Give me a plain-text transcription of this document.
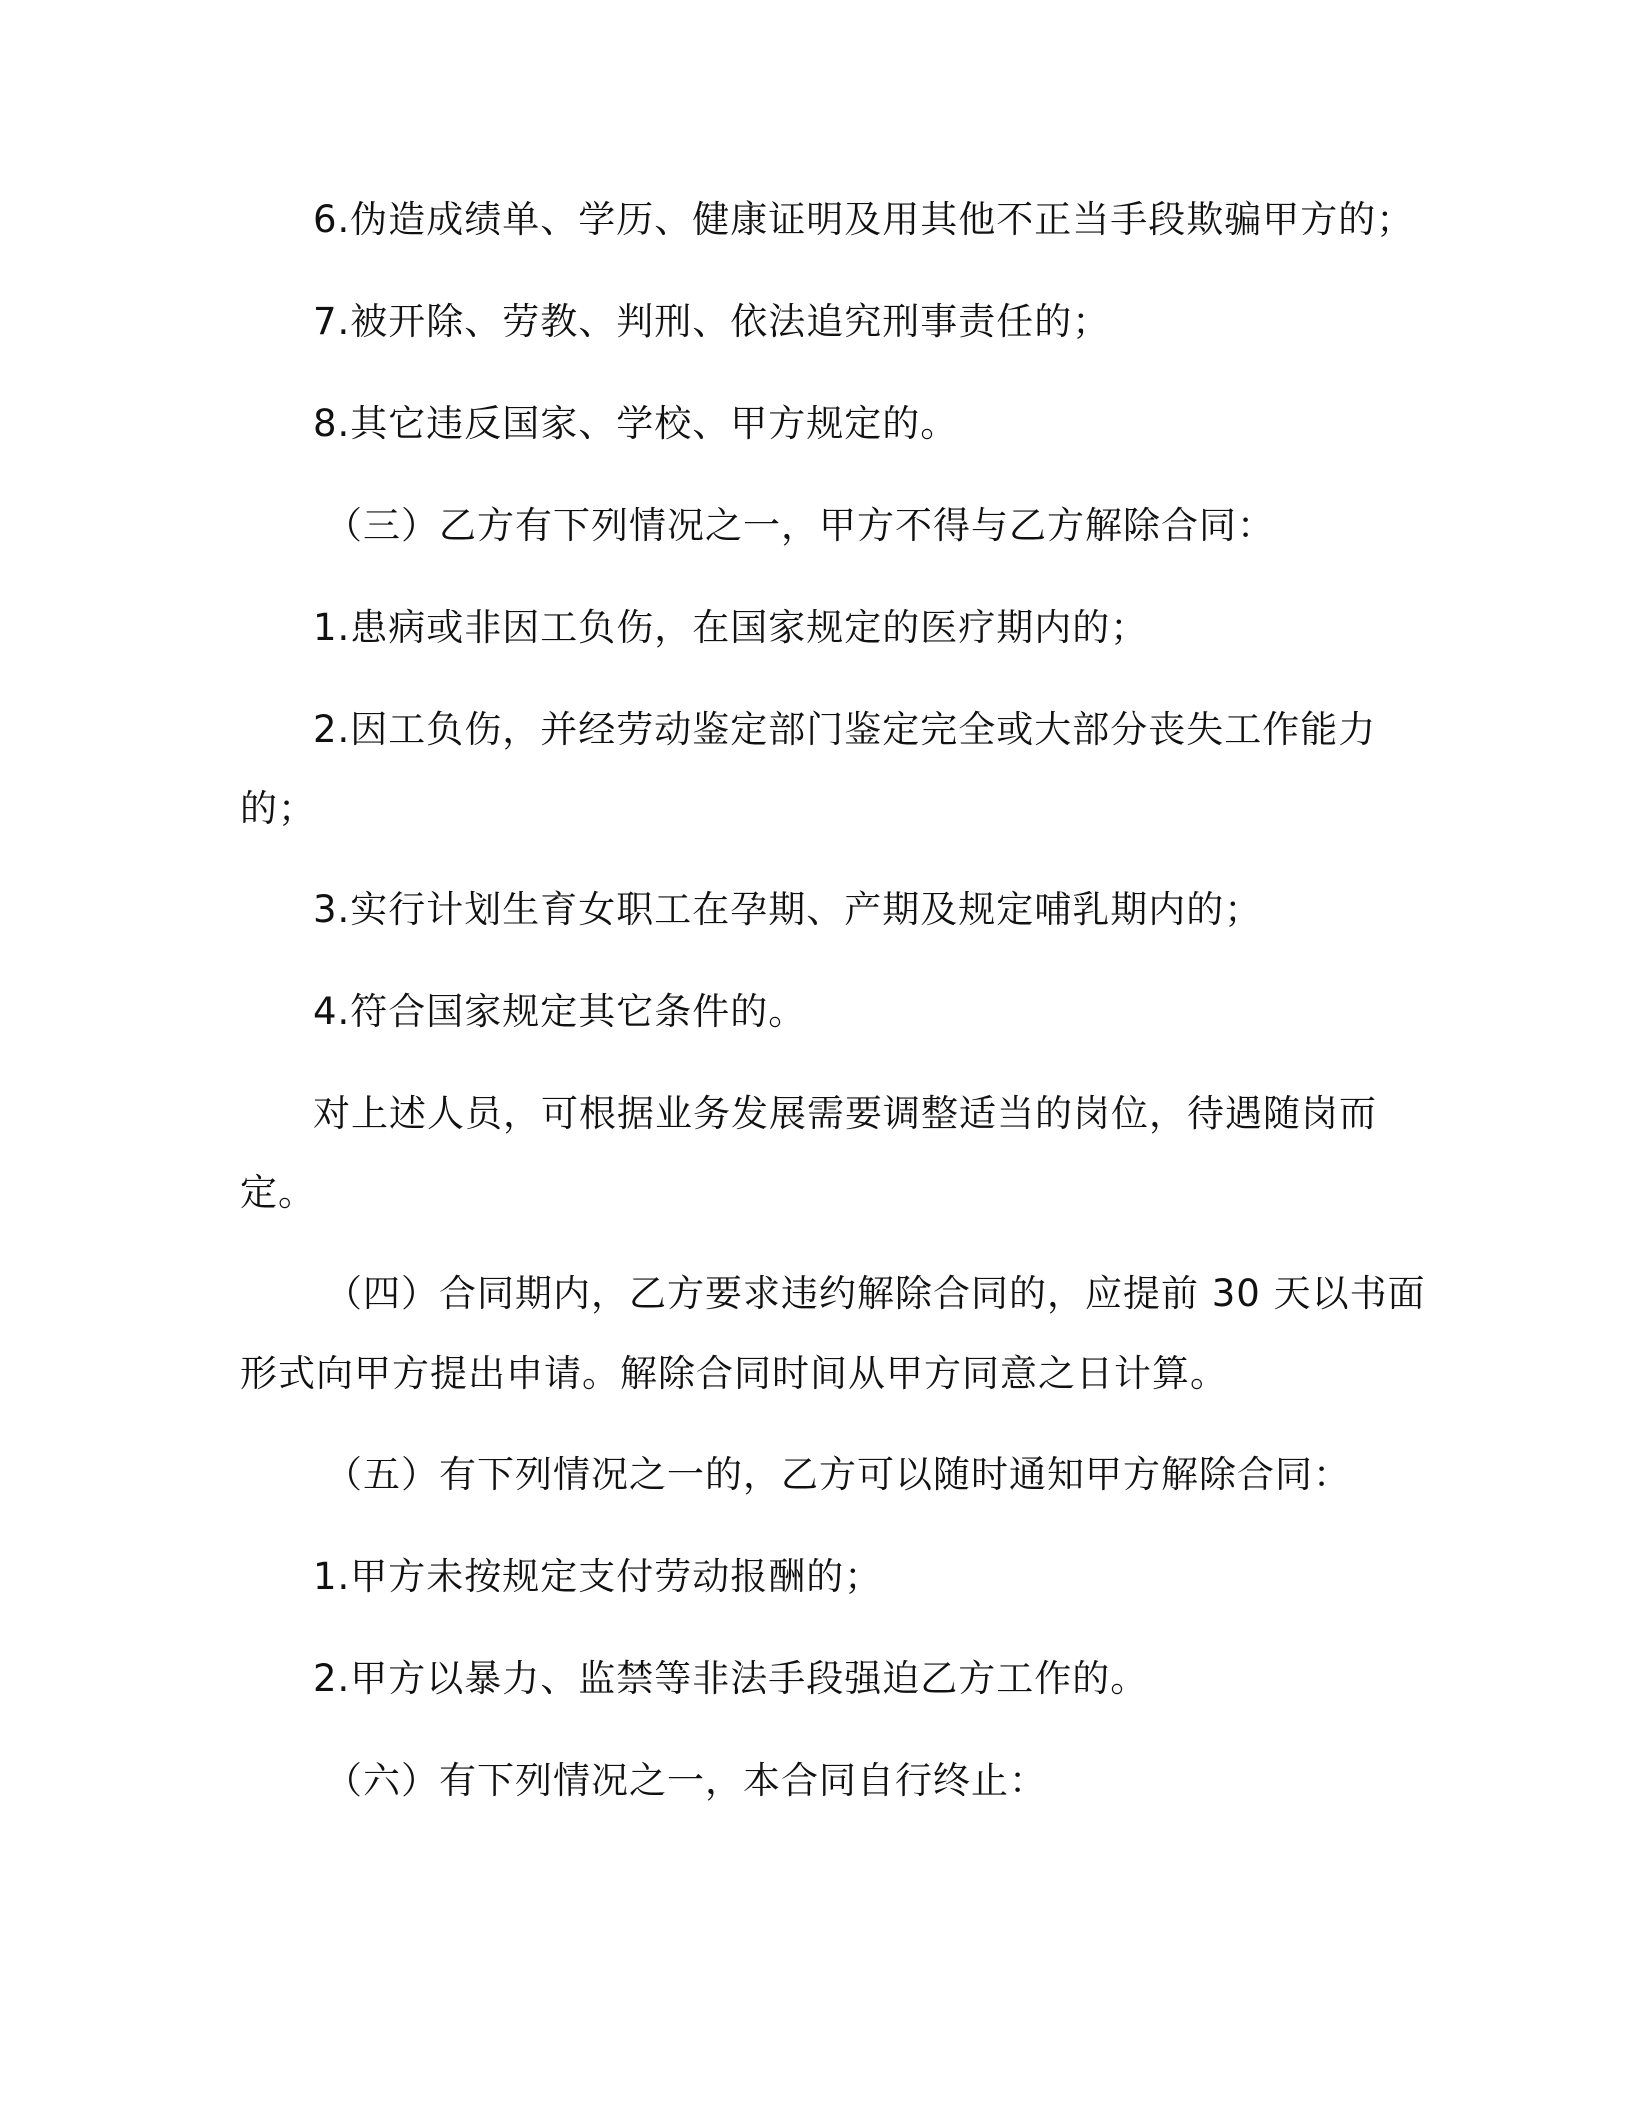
6.伪造成绩单、学历、健康证明及用其他不正当手段欺骗甲方的；
7.被开除、劳教、判刑、依法追究刑事责任的；
8.其它违反国家、学校、甲方规定的。
（三）乙方有下列情况之一，甲方不得与乙方解除合同：
1.患病或非因工负伤，在国家规定的医疗期内的；
2.因工负伤，并经劳动鉴定部门鉴定完全或大部分丧失工作能力
的；
3.实行计划生育女职工在孕期、产期及规定哺乳期内的；
4.符合国家规定其它条件的。
对上述人员，可根据业务发展需要调整适当的岗位，待遇随岗而
定。
（四）合同期内，乙方要求违约解除合同的，应提前 30 天以书面
形式向甲方提出申请。解除合同时间从甲方同意之日计算。
（五）有下列情况之一的，乙方可以随时通知甲方解除合同：
1.甲方未按规定支付劳动报酬的；
2.甲方以暴力、监禁等非法手段强迫乙方工作的。
（六）有下列情况之一，本合同自行终止：
